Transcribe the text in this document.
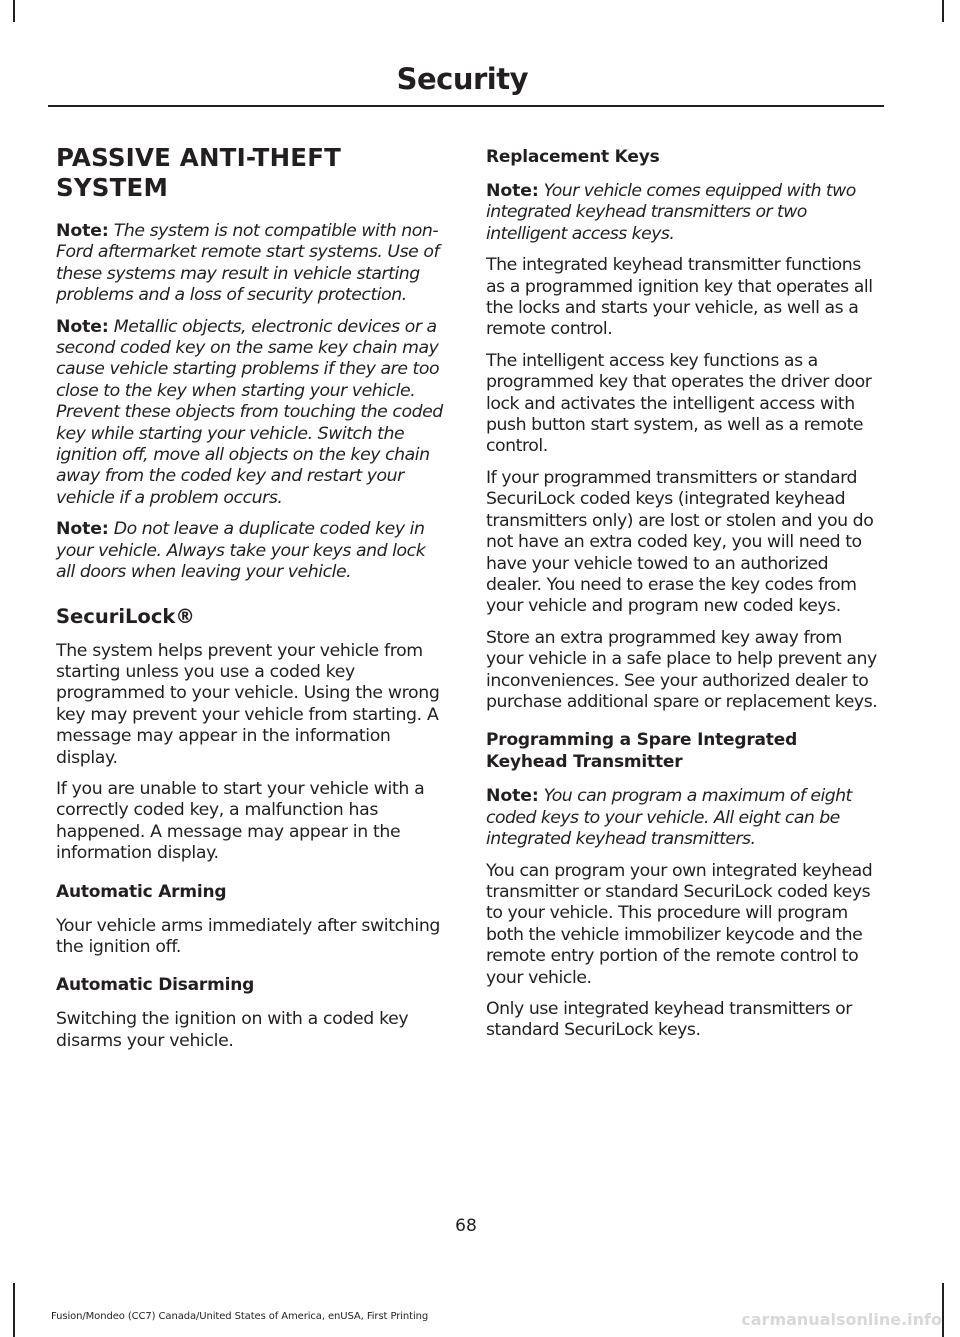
Security
PASSIVE ANTI-THEFT SYSTEM

Note: The system is not compatible with non-Ford aftermarket remote start systems. Use of these systems may result in vehicle starting problems and a loss of security protection.

Note: Metallic objects, electronic devices or a second coded key on the same key chain may cause vehicle starting problems if they are too close to the key when starting your vehicle. Prevent these objects from touching the coded key while starting your vehicle. Switch the ignition off, move all objects on the key chain away from the coded key and restart your vehicle if a problem occurs.

Note: Do not leave a duplicate coded key in your vehicle. Always take your keys and lock all doors when leaving your vehicle.

SecuriLock®

The system helps prevent your vehicle from starting unless you use a coded key programmed to your vehicle. Using the wrong key may prevent your vehicle from starting. A message may appear in the information display.

If you are unable to start your vehicle with a correctly coded key, a malfunction has happened. A message may appear in the information display.

Automatic Arming

Your vehicle arms immediately after switching the ignition off.

Automatic Disarming

Switching the ignition on with a coded key disarms your vehicle.

Replacement Keys

Note: Your vehicle comes equipped with two integrated keyhead transmitters or two intelligent access keys.

The integrated keyhead transmitter functions as a programmed ignition key that operates all the locks and starts your vehicle, as well as a remote control.

The intelligent access key functions as a programmed key that operates the driver door lock and activates the intelligent access with push button start system, as well as a remote control.

If your programmed transmitters or standard SecuriLock coded keys (integrated keyhead transmitters only) are lost or stolen and you do not have an extra coded key, you will need to have your vehicle towed to an authorized dealer. You need to erase the key codes from your vehicle and program new coded keys.

Store an extra programmed key away from your vehicle in a safe place to help prevent any inconveniences. See your authorized dealer to purchase additional spare or replacement keys.

Programming a Spare Integrated Keyhead Transmitter

Note: You can program a maximum of eight coded keys to your vehicle. All eight can be integrated keyhead transmitters.

You can program your own integrated keyhead transmitter or standard SecuriLock coded keys to your vehicle. This procedure will program both the vehicle immobilizer keycode and the remote entry portion of the remote control to your vehicle.

Only use integrated keyhead transmitters or standard SecuriLock keys.

68
Fusion/Mondeo (CC7) Canada/United States of America, enUSA, First Printing	carmanualsonline.info
